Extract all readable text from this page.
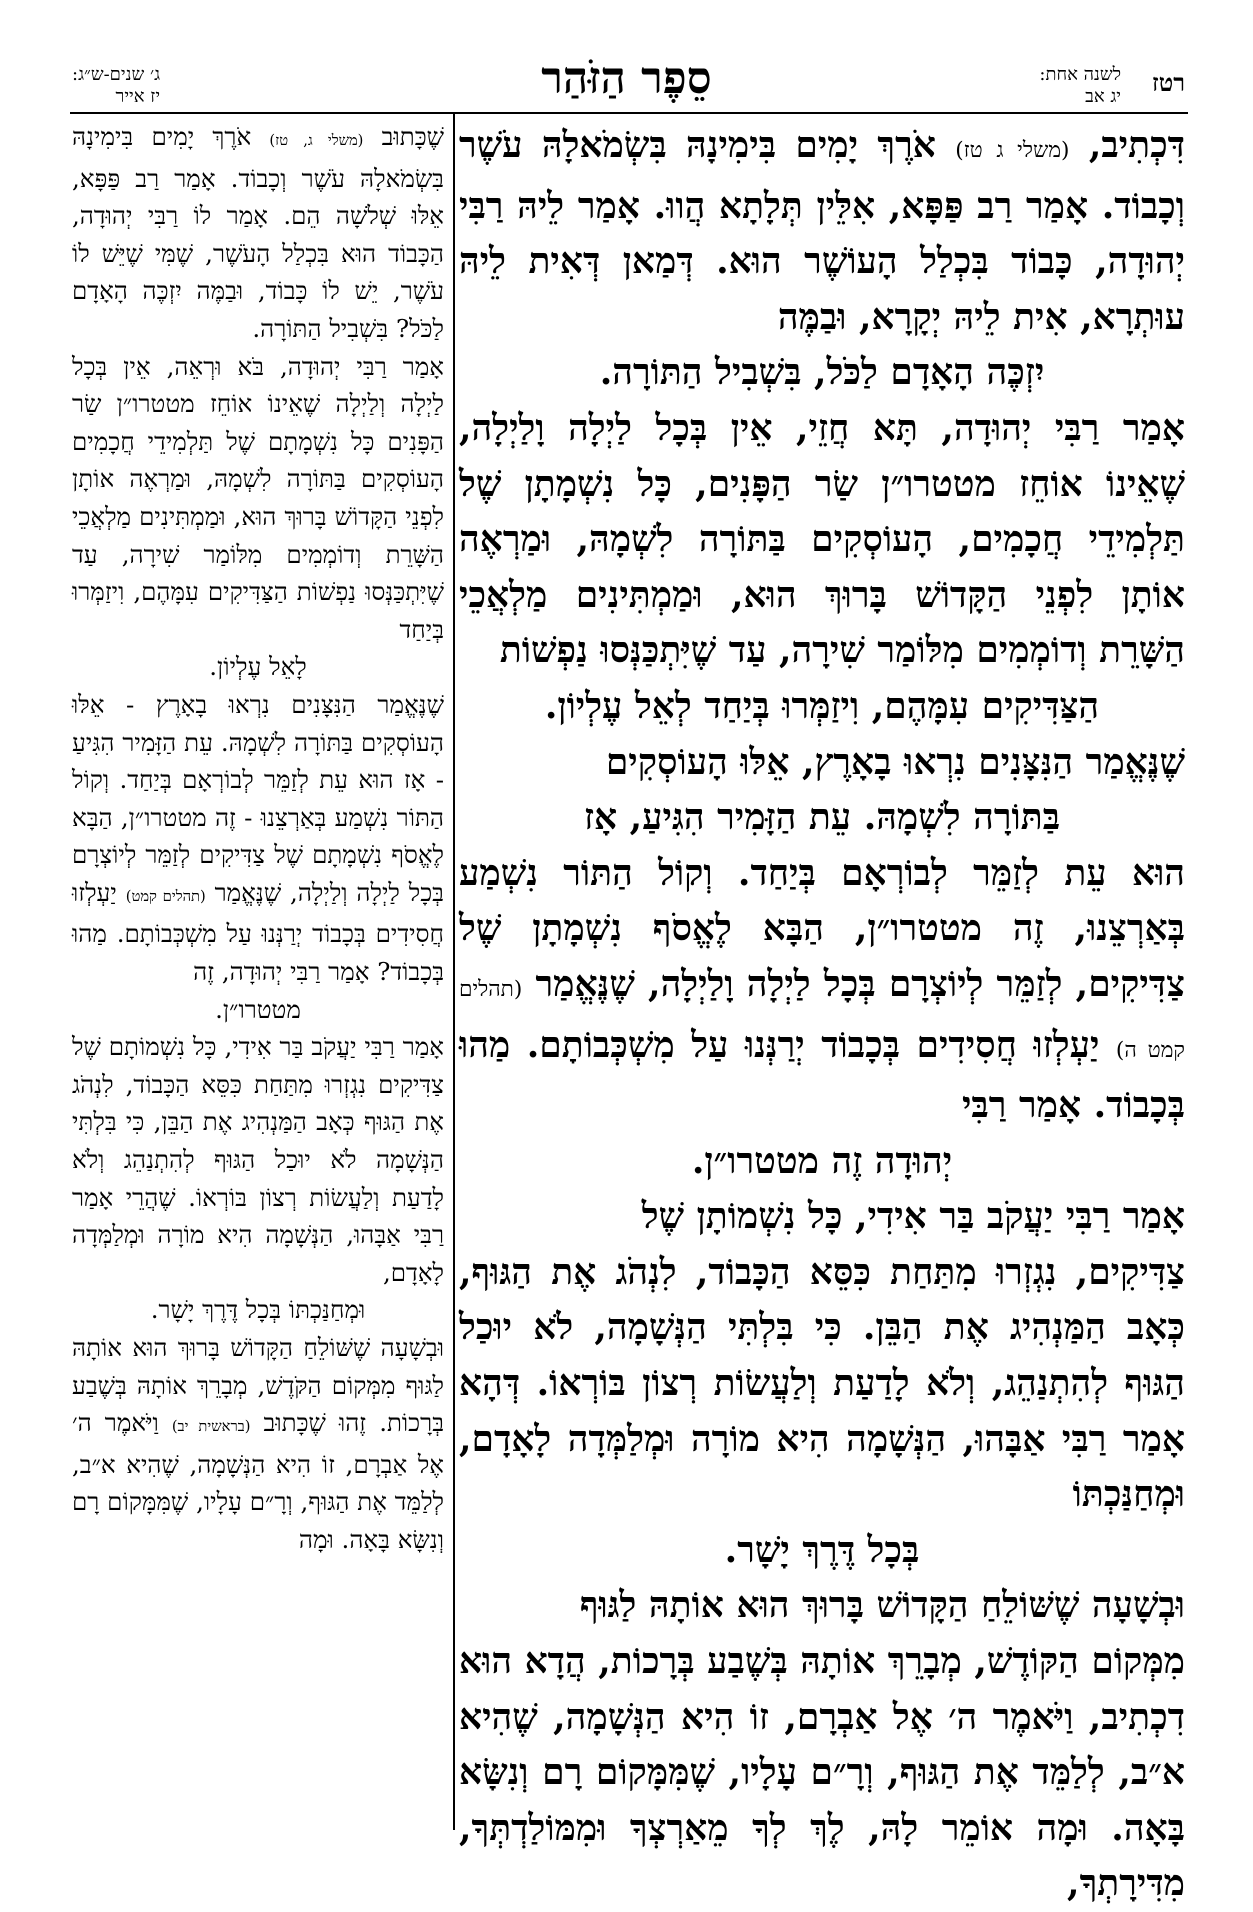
רטז
לשנה אחת:
יג אב
סֵפֶר הַזֹּהַר
ג׳ שנים-ש״ג:
יז אייר

דִּכְתִיב, (משלי ג טז) אֹרֶךְ יָמִים בִּימִינָהּ בִּשְׂמֹאלָהּ עֹשֶׁר וְכָבוֹד. אָמַר רַב פַּפָּא, אִלֵּין תְּלָתָא הֲווּ. אָמַר לֵיהּ רַבִּי יְהוּדָה, כָּבוֹד בִּכְלַל הָעוֹשֶׁר הוּא. דְּמַאן דְּאִית לֵיהּ עוּתְרָא, אִית לֵיהּ יְקָרָא, וּבַמֶּה

יִזְכֶּה הָאָדָם לַכֹּל, בִּשְׁבִיל הַתּוֹרָה.

אָמַר רַבִּי יְהוּדָה, תָּא חֲזֵי, אֵין בְּכָל לַיְלָה וָלַיְלָה, שֶׁאֵינוֹ אוֹחֵז מטטרו״ן שַׂר הַפָּנִים, כָּל נִשְׁמָתָן שֶׁל תַּלְמִידֵי חֲכָמִים, הָעוֹסְקִים בַּתּוֹרָה לִשְׁמָהּ, וּמַרְאֶה אוֹתָן לִפְנֵי הַקָּדוֹשׁ בָּרוּךְ הוּא, וּמַמְתִּינִים מַלְאֲכֵי הַשָּׁרֵת וְדוֹמְמִים מִלּוֹמַר שִׁירָה, עַד שֶׁיִּתְכַּנְּסוּ נַפְשׁוֹת

הַצַּדִּיקִים עִמָּהֶם, וִיזַמְּרוּ בְּיַחַד לְאֵל עֶלְיוֹן.

שֶׁנֶּאֱמַר הַנִּצָּנִים נִרְאוּ בָאָרֶץ, אֵלּוּ הָעוֹסְקִים

בַּתּוֹרָה לִשְׁמָהּ. עֵת הַזָּמִיר הִגִּיעַ, אָז

הוּא עֵת לְזַמֵּר לְבוֹרְאָם בְּיַחַד. וְקוֹל הַתּוֹר נִשְׁמַע בְּאַרְצֵנוּ, זֶה מטטרו״ן, הַבָּא לֶאֱסֹף נִשְׁמָתָן שֶׁל צַדִּיקִים, לְזַמֵּר לְיוֹצְרָם בְּכָל לַיְלָה וָלַיְלָה, שֶׁנֶּאֱמַר (תהלים קמט ה) יַעְלְזוּ חֲסִידִים בְּכָבוֹד יְרַנְּנוּ עַל מִשְׁכְּבוֹתָם. מַהוּ בְּכָבוֹד. אָמַר רַבִּי

יְהוּדָה זֶה מטטרו״ן.

אָמַר רַבִּי יַעֲקֹב בַּר אִידִי, כָּל נִשְׁמוֹתָן שֶׁל

צַדִּיקִים, נִגְזְרוּ מִתַּחַת כִּסֵּא הַכָּבוֹד, לִנְהֹג אֶת הַגּוּף, כְּאָב הַמַּנְהִיג אֶת הַבֵּן. כִּי בִּלְתִּי הַנְּשָׁמָה, לֹא יוּכַל הַגּוּף לְהִתְנַהֵג, וְלֹא לָדַעַת וְלַעֲשׂוֹת רְצוֹן בּוֹרְאוֹ. דְּהָא אָמַר רַבִּי אַבָּהוּ, הַנְּשָׁמָה הִיא מוֹרָה וּמְלַמְּדָה לָאָדָם, וּמְחַנַּכְתּוֹ

בְּכָל דֶּרֶךְ יָשָׁר.

וּבְשָׁעָה שֶׁשּׁוֹלֵחַ הַקָּדוֹשׁ בָּרוּךְ הוּא אוֹתָהּ לַגּוּף

מִמְּקוֹם הַקּוֹדֶשׁ, מְבָרֵךְ אוֹתָהּ בְּשֶׁבַע בְּרָכוֹת, הֲדָא הוּא דִכְתִיב, וַיֹּאמֶר ה׳ אֶל אַבְרָם, זוֹ הִיא הַנְּשָׁמָה, שֶׁהִיא א״ב, לְלַמֵּד אֶת הַגּוּף, וְרָ״ם עָלָיו, שֶׁמִּמָּקוֹם רָם וְנִשָּׂא בָּאָה. וּמָה אוֹמֵר לָהּ, לֶךְ לְךָ מֵאַרְצְךָ וּמִמּוֹלַדְתְּךָ, מִדִּירָתְךָ,

שֶׁכָּתוּב (משלי ג, טז) אֹרֶךְ יָמִים בִּימִינָהּ בִּשְׂמֹאלָהּ עֹשֶׁר וְכָבוֹד. אָמַר רַב פַּפָּא, אֵלּוּ שְׁלֹשָׁה הֵם. אָמַר לוֹ רַבִּי יְהוּדָה, הַכָּבוֹד הוּא בִּכְלַל הָעֹשֶׁר, שֶׁמִּי שֶׁיֵּשׁ לוֹ עֹשֶׁר, יֵשׁ לוֹ כָּבוֹד, וּבַמֶּה יִזְכֶּה הָאָדָם לַכֹּל? בִּשְׁבִיל הַתּוֹרָה.

אָמַר רַבִּי יְהוּדָה, בֹּא וּרְאֵה, אֵין בְּכָל לַיְלָה וְלַיְלָה שֶׁאֵינוֹ אוֹחֵז מטטרו״ן שַׂר הַפָּנִים כָּל נִשְׁמָתָם שֶׁל תַּלְמִידֵי חֲכָמִים הָעוֹסְקִים בַּתּוֹרָה לִשְׁמָהּ, וּמַרְאֶה אוֹתָן לִפְנֵי הַקָּדוֹשׁ בָּרוּךְ הוּא, וּמַמְתִּינִים מַלְאֲכֵי הַשָּׁרֵת וְדוֹמְמִים מִלּוֹמַר שִׁירָה, עַד שֶׁיִּתְכַּנְּסוּ נַפְשׁוֹת הַצַּדִּיקִים עִמָּהֶם, וִיזַמְּרוּ בְּיַחַד

לָאֵל עֶלְיוֹן.

שֶׁנֶּאֱמַר הַנִּצָּנִים נִרְאוּ בָאָרֶץ - אֵלּוּ הָעוֹסְקִים בַּתּוֹרָה לִשְׁמָהּ. עֵת הַזָּמִיר הִגִּיעַ - אָז הוּא עֵת לְזַמֵּר לְבוֹרְאָם בְּיַחַד. וְקוֹל הַתּוֹר נִשְׁמַע בְּאַרְצֵנוּ - זֶה מטטרו״ן, הַבָּא לֶאֱסֹף נִשְׁמָתָם שֶׁל צַדִּיקִים לְזַמֵּר לְיוֹצְרָם בְּכָל לַיְלָה וְלַיְלָה, שֶׁנֶּאֱמַר (תהלים קמט) יַעְלְזוּ חֲסִידִים בְּכָבוֹד יְרַנְּנוּ עַל מִשְׁכְּבוֹתָם. מַהוּ בְּכָבוֹד? אָמַר רַבִּי יְהוּדָה, זֶה

מטטרו״ן.

אָמַר רַבִּי יַעֲקֹב בַּר אִידִי, כָּל נִשְׁמוֹתָם שֶׁל צַדִּיקִים נִגְזְרוּ מִתַּחַת כִּסֵּא הַכָּבוֹד, לִנְהֹג אֶת הַגּוּף כְּאָב הַמַּנְהִיג אֶת הַבֵּן, כִּי בִּלְתִּי הַנְּשָׁמָה לֹא יוּכַל הַגּוּף לְהִתְנַהֵג וְלֹא לָדַעַת וְלַעֲשׂוֹת רְצוֹן בּוֹרְאוֹ. שֶׁהֲרֵי אָמַר רַבִּי אַבָּהוּ, הַנְּשָׁמָה הִיא מוֹרָה וּמְלַמְּדָה לָאָדָם,

וּמְחַנַּכְתּוֹ בְּכָל דֶּרֶךְ יָשָׁר.

וּבְשָׁעָה שֶׁשּׁוֹלֵחַ הַקָּדוֹשׁ בָּרוּךְ הוּא אוֹתָהּ לַגּוּף מִמְּקוֹם הַקֹּדֶשׁ, מְבָרֵךְ אוֹתָהּ בְּשֶׁבַע בְּרָכוֹת. זֶהוּ שֶׁכָּתוּב (בראשית יב) וַיֹּאמֶר ה׳ אֶל אַבְרָם, זוֹ הִיא הַנְּשָׁמָה, שֶׁהִיא א״ב, לְלַמֵּד אֶת הַגּוּף, וְרָ״ם עָלָיו, שֶׁמִּמָּקוֹם רָם וְנִשָּׂא בָּאָה. וּמָה
